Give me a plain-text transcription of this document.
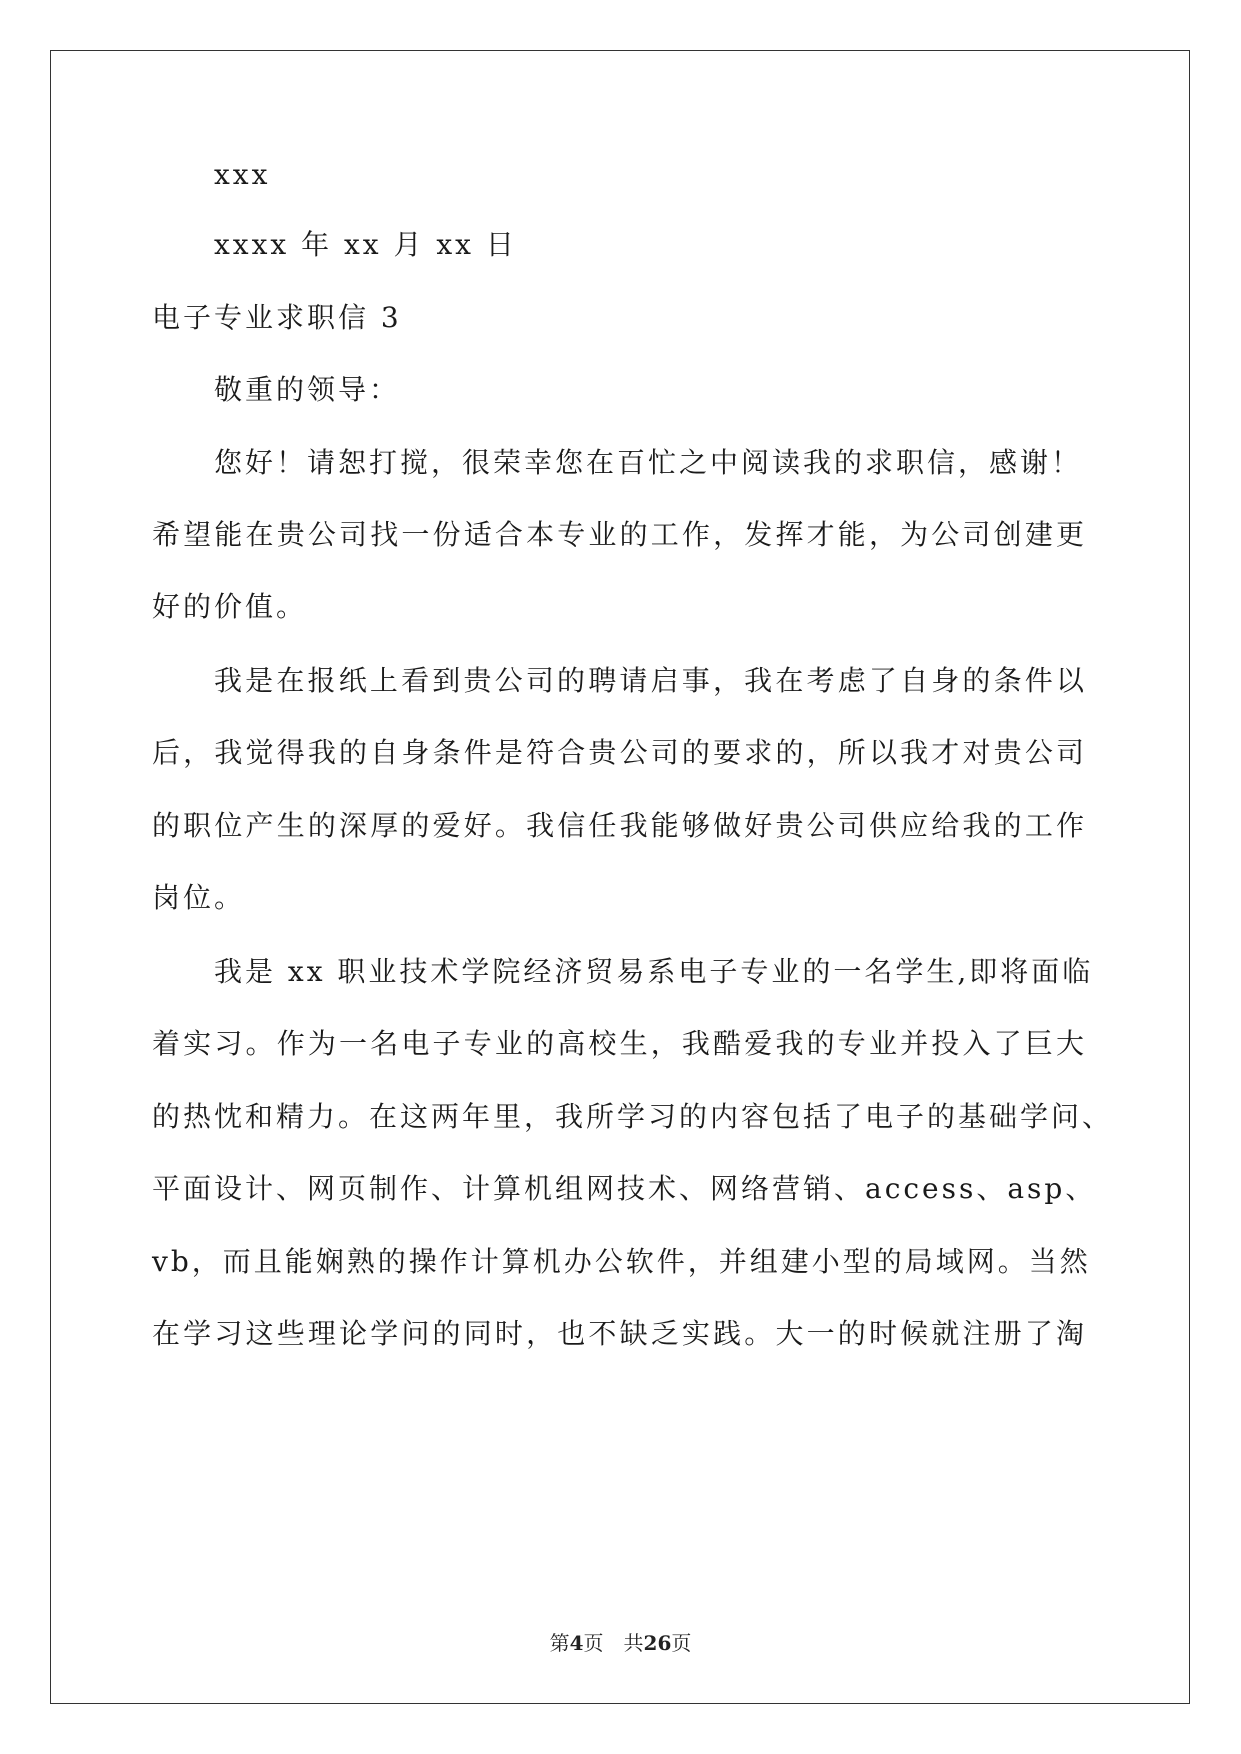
xxx
xxxx 年 xx 月 xx 日
电子专业求职信 3
敬重的领导：
您好！请恕打搅，很荣幸您在百忙之中阅读我的求职信，感谢！
希望能在贵公司找一份适合本专业的工作，发挥才能，为公司创建更
好的价值。
我是在报纸上看到贵公司的聘请启事，我在考虑了自身的条件以
后，我觉得我的自身条件是符合贵公司的要求的，所以我才对贵公司
的职位产生的深厚的爱好。我信任我能够做好贵公司供应给我的工作
岗位。
我是 xx 职业技术学院经济贸易系电子专业的一名学生,即将面临
着实习。作为一名电子专业的高校生，我酷爱我的专业并投入了巨大
的热忱和精力。在这两年里，我所学习的内容包括了电子的基础学问、
平面设计、网页制作、计算机组网技术、网络营销、access、asp、
vb，而且能娴熟的操作计算机办公软件，并组建小型的局域网。当然
在学习这些理论学问的同时，也不缺乏实践。大一的时候就注册了淘
第4页 共26页
